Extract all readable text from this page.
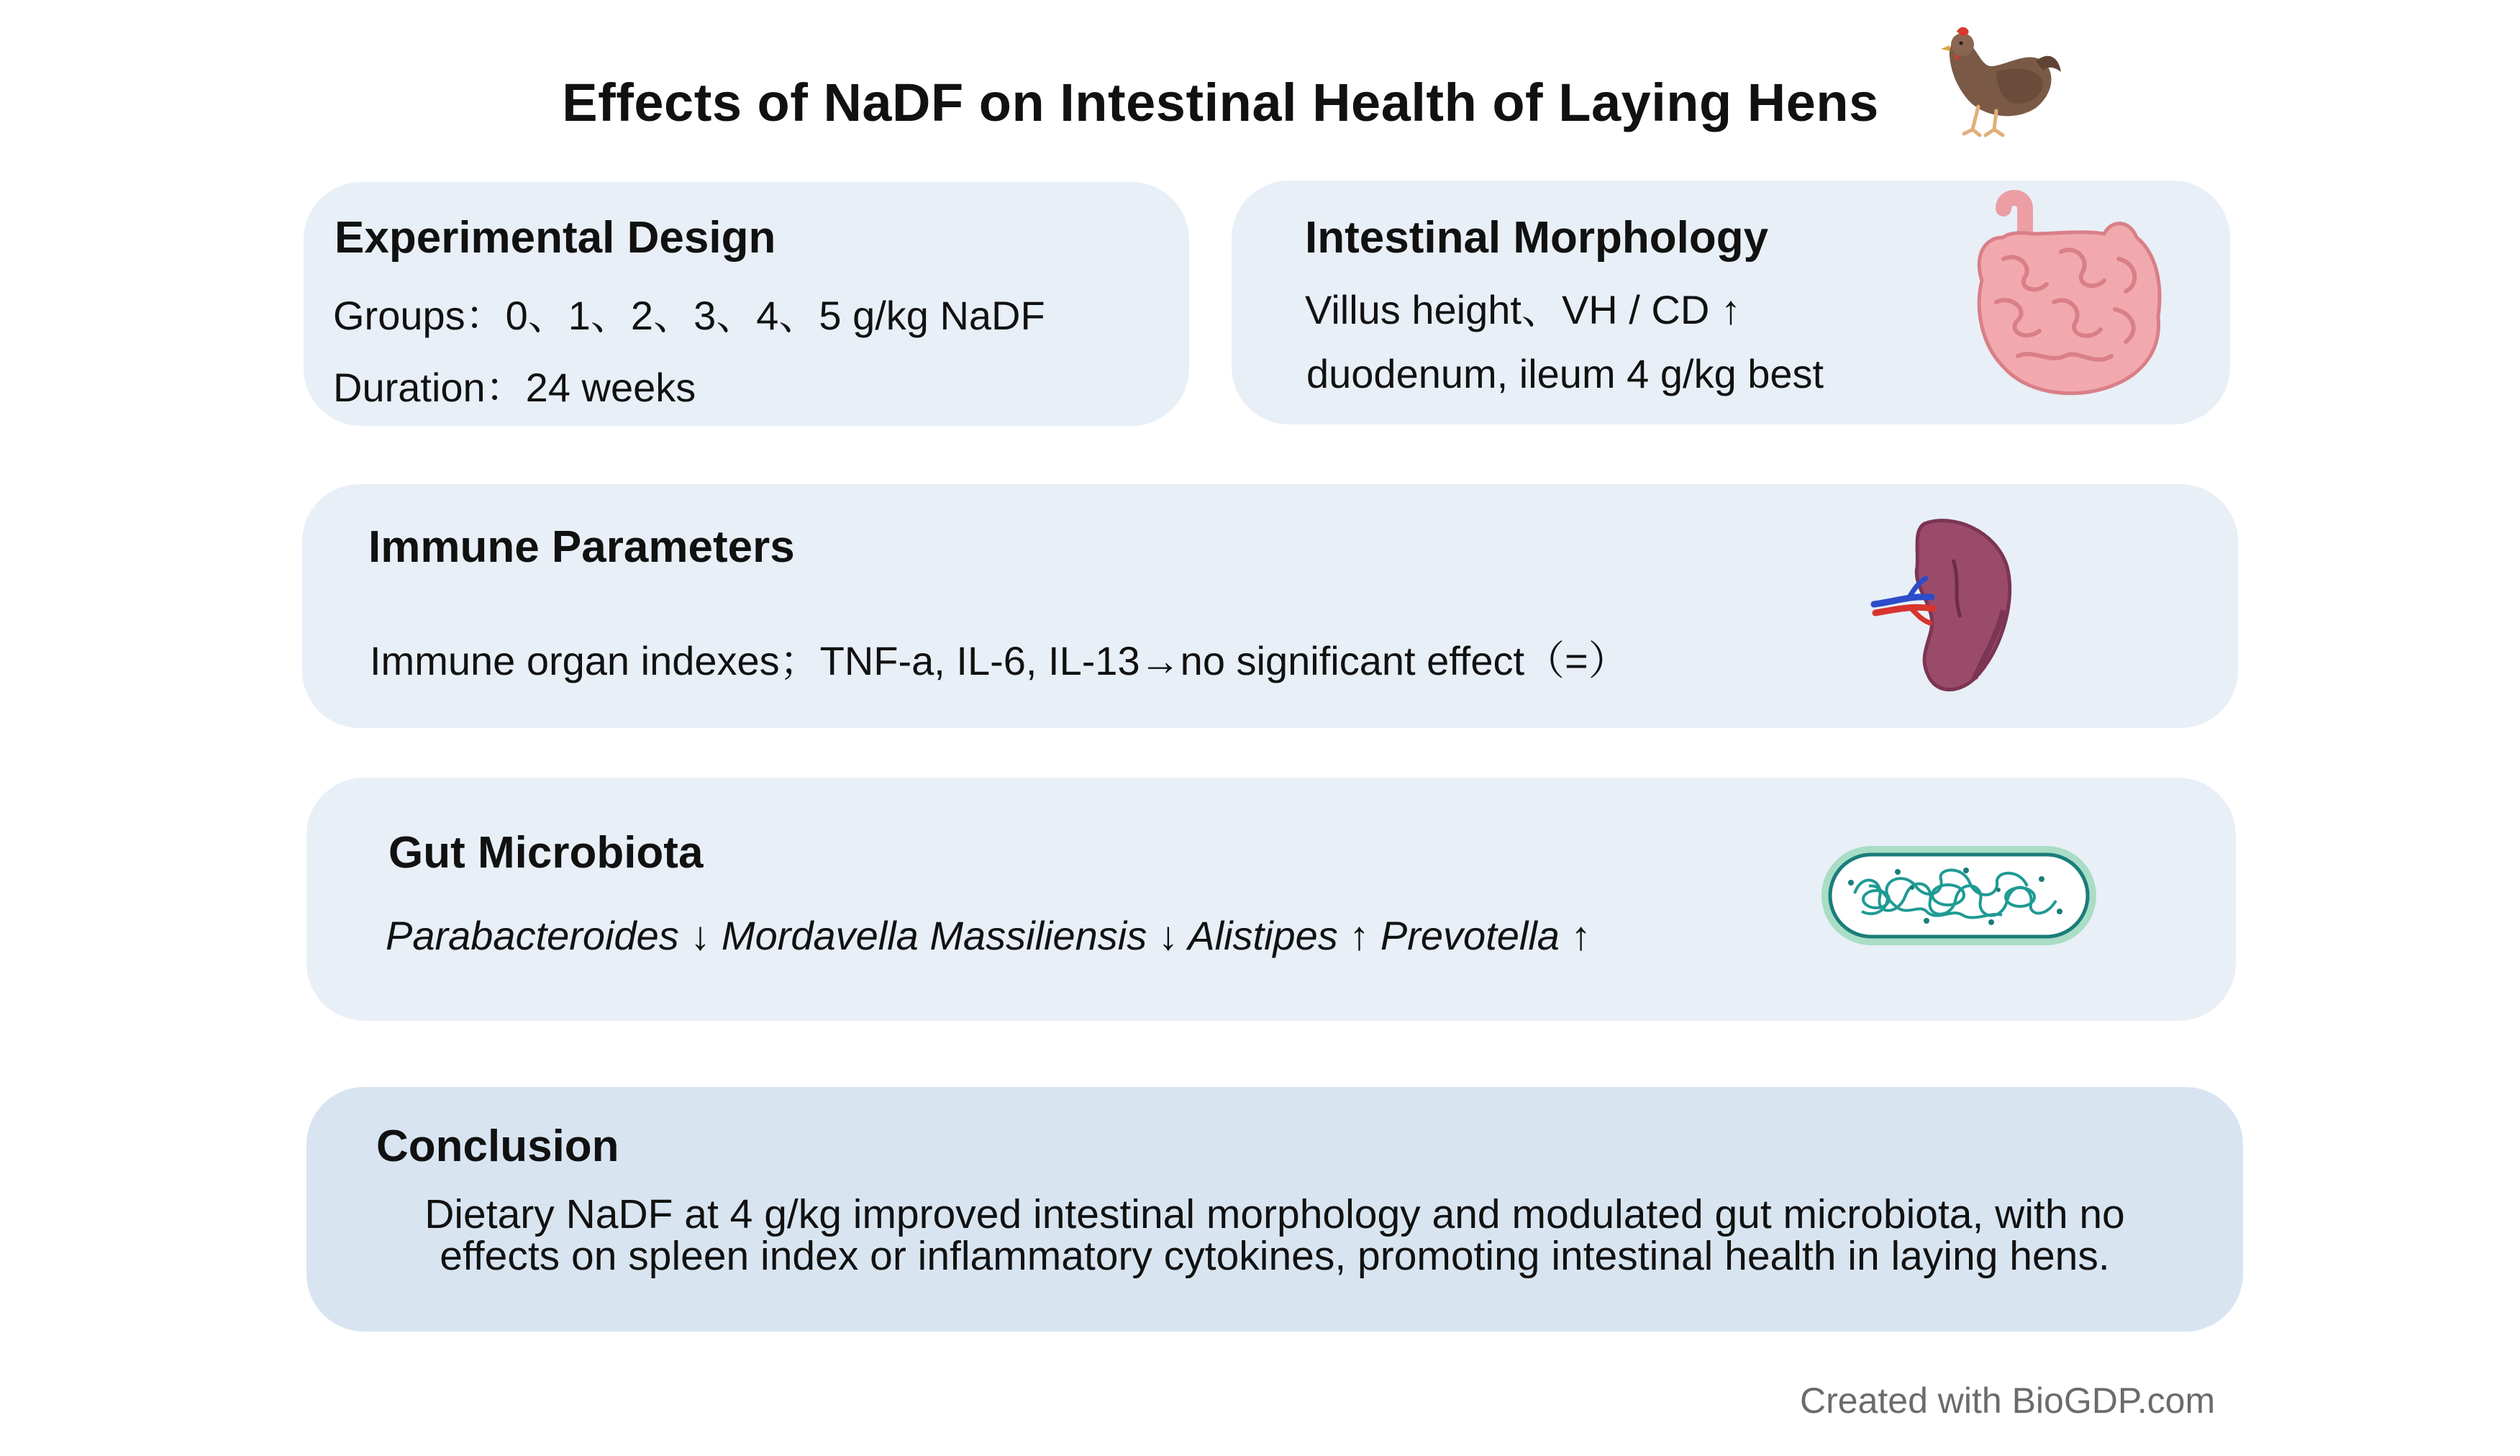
Effects of NaDF on Intestinal Health of Laying Hens
Experimental Design
Groups：0、1、2、3、4、5 g/kg NaDF
Duration：24 weeks
Intestinal Morphology
Villus height、VH / CD ↑
duodenum, ileum 4 g/kg best
Immune Parameters
Immune organ indexes；TNF-a, IL-6, IL-13→no significant effect（=）
Gut Microbiota
Parabacteroides ↓ Mordavella Massiliensis ↓ Alistipes ↑ Prevotella ↑
Dietary NaDF at 4 g/kg improved intestinal morphology and modulated gut microbiota, with no
effects on spleen index or inflammatory cytokines, promoting intestinal health in laying hens.
Conclusion
Created with BioGDP.com
